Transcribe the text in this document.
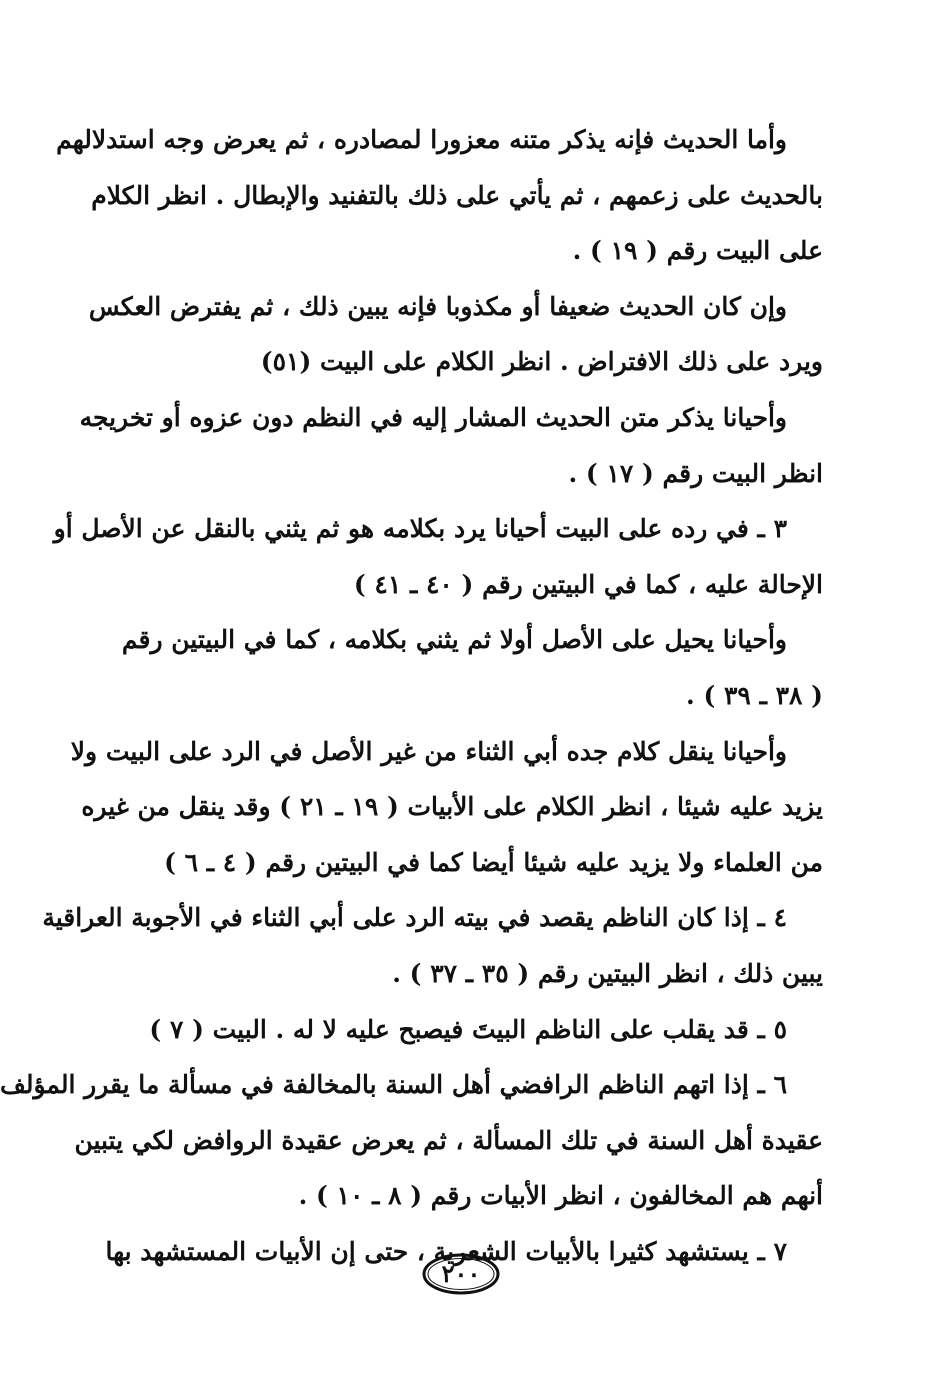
وأما الحديث فإنه يذكر متنه معزورا لمصادره ، ثم يعرض وجه استدلالهم
بالحديث على زعمهم ، ثم يأتي على ذلك بالتفنيد والإبطال . انظر الكلام
على البيت رقم ( ١٩ ) .
وإن كان الحديث ضعيفا أو مكذوبا فإنه يبين ذلك ، ثم يفترض العكس
ويرد على ذلك الافتراض . انظر الكلام على البيت (٥١)
وأحيانا يذكر متن الحديث المشار إليه في النظم دون عزوه أو تخريجه
انظر البيت رقم ( ١٧ ) .
٣ ـ في رده على البيت أحيانا يرد بكلامه هو ثم يثني بالنقل عن الأصل أو
الإحالة عليه ، كما في البيتين رقم ( ٤٠ ـ ٤١ )
وأحيانا يحيل على الأصل أولا ثم يثني بكلامه ، كما في البيتين رقم
( ٣٨ ـ ٣٩ ) .
وأحيانا ينقل كلام جده أبي الثناء من غير الأصل في الرد على البيت ولا
يزيد عليه شيئا ، انظر الكلام على الأبيات ( ١٩ ـ ٢١ ) وقد ينقل من غيره
من العلماء ولا يزيد عليه شيئا أيضا كما في البيتين رقم ( ٤ ـ ٦ )
٤ ـ إذا كان الناظم يقصد في بيته الرد على أبي الثناء في الأجوبة العراقية
يبين ذلك ، انظر البيتين رقم ( ٣٥ ـ ٣٧ ) .
٥ ـ قد يقلب على الناظم البيتَ فيصبح عليه لا له . البيت ( ٧ )
٦ ـ إذا اتهم الناظم الرافضي أهل السنة بالمخالفة في مسألة ما يقرر المؤلف
عقيدة أهل السنة في تلك المسألة ، ثم يعرض عقيدة الروافض لكي يتبين
أنهم هم المخالفون ، انظر الأبيات رقم ( ٨ ـ ١٠ ) .
٧ ـ يستشهد كثيرا بالأبيات الشعرية ، حتى إن الأبيات المستشهد بها
٢٠٠
